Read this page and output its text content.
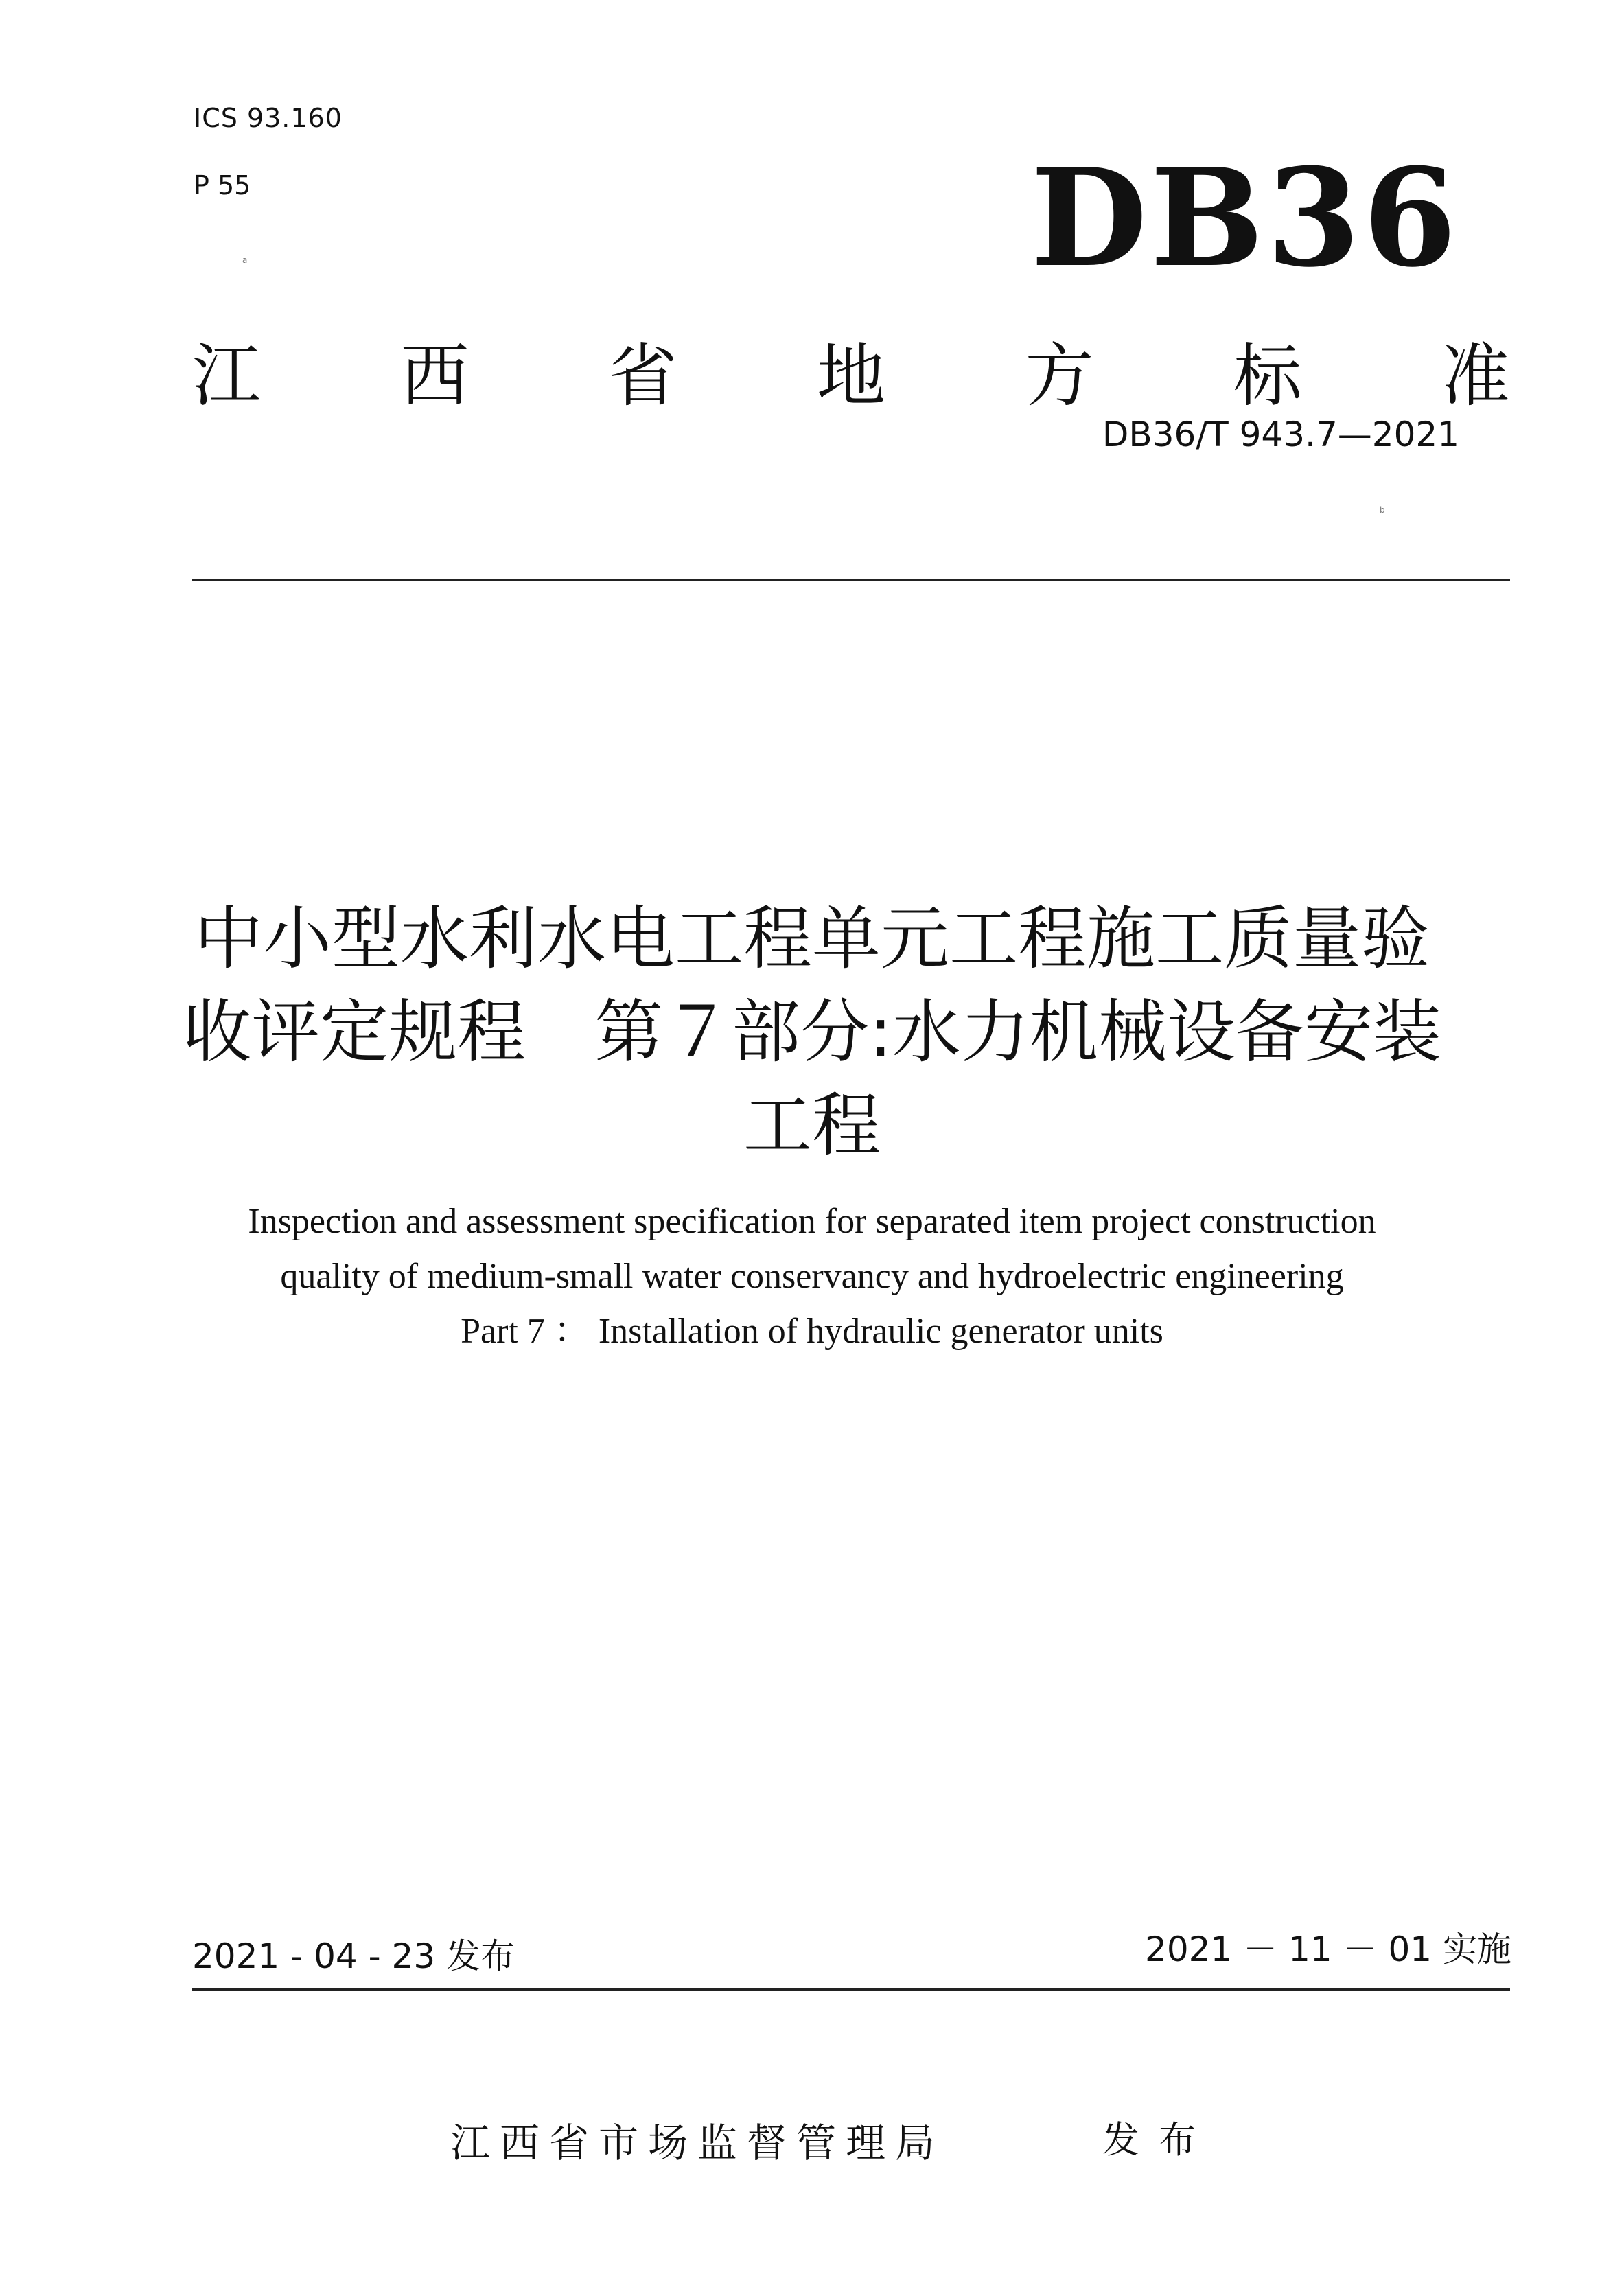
ICS 93.160
P 55
a	DB36
江 西 省 地 方 标 准
DB36/T 943.7—2021
b
中小型水利水电工程单元工程施工质量验
收评定规程　第７部分:水力机械设备安装
工程
Inspection and assessment specification for separated item project construction
quality of medium-small water conservancy and hydroelectric engineering
Part 7 ： Installation of hydraulic generator units
2021 - 04 - 23 发布	2021 － 11 － 01 实施
江西省市场监督管理局	发布
